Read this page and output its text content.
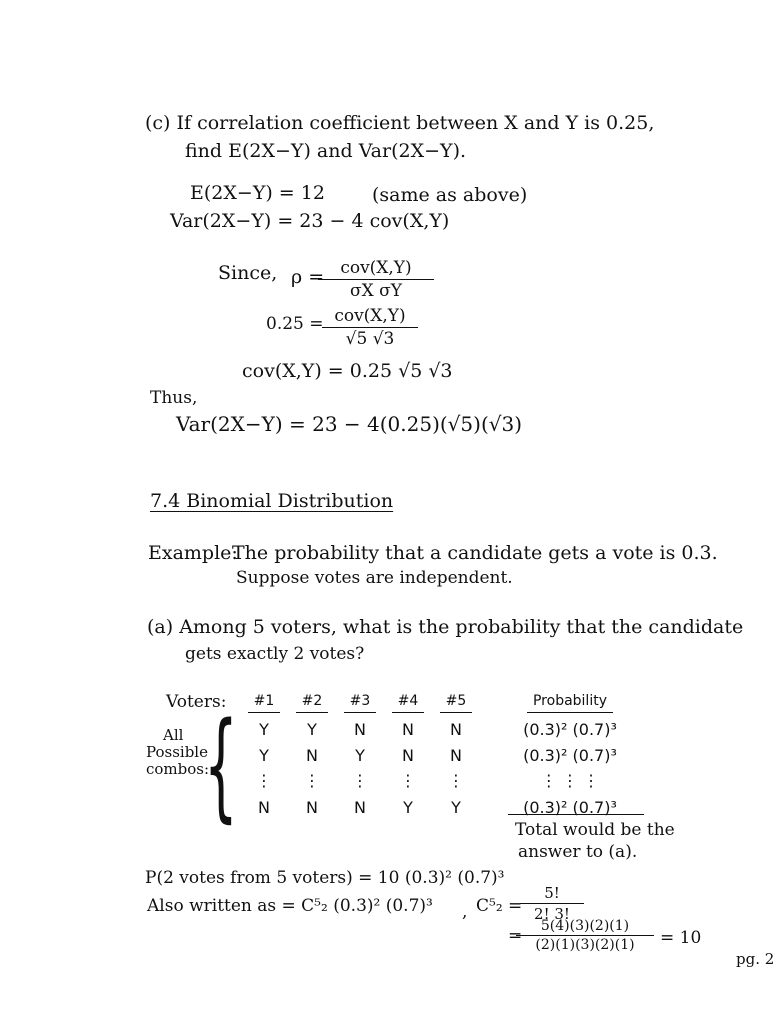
(c) If correlation coefficient between X and Y is 0.25,
find E(2X−Y) and Var(2X−Y).
E(2X−Y) = 12 (same as above)
Var(2X−Y) = 23 − 4 cov(X,Y)
Since, ρ = cov(X,Y)
σX σY
0.25 = cov(X,Y)
√5 √3
cov(X,Y) = 0.25 √5 √3
Thus,
Var(2X−Y) = 23 − 4(0.25)(√5)(√3)
7.4 Binomial Distribution
Example:
The probability that a candidate gets a vote is 0.3.
Suppose votes are independent.
(a) Among 5 voters, what is the probability that the candidate
gets exactly 2 votes?
Voters:
All
Possible
combos:
{ #1	#2	#3	#4	#5	Probability
Y	Y	N	N	N	(0.3)² (0.7)³
Y	N	Y	N	N	(0.3)² (0.7)³
⋮	⋮	⋮	⋮	⋮	⋮ ⋮ ⋮
N	N	N	Y	Y	(0.3)² (0.7)³
Total would be the
answer to (a).
P(2 votes from 5 voters) = 10 (0.3)² (0.7)³
Also written as = C⁵₂ (0.3)² (0.7)³ , C⁵₂ =
$\frac{5!}{2! 3!}$
=
$\frac{5(4)(3)(2)(1)}{(2)(1)(3)(2)(1)} = 10$
pg. 2
